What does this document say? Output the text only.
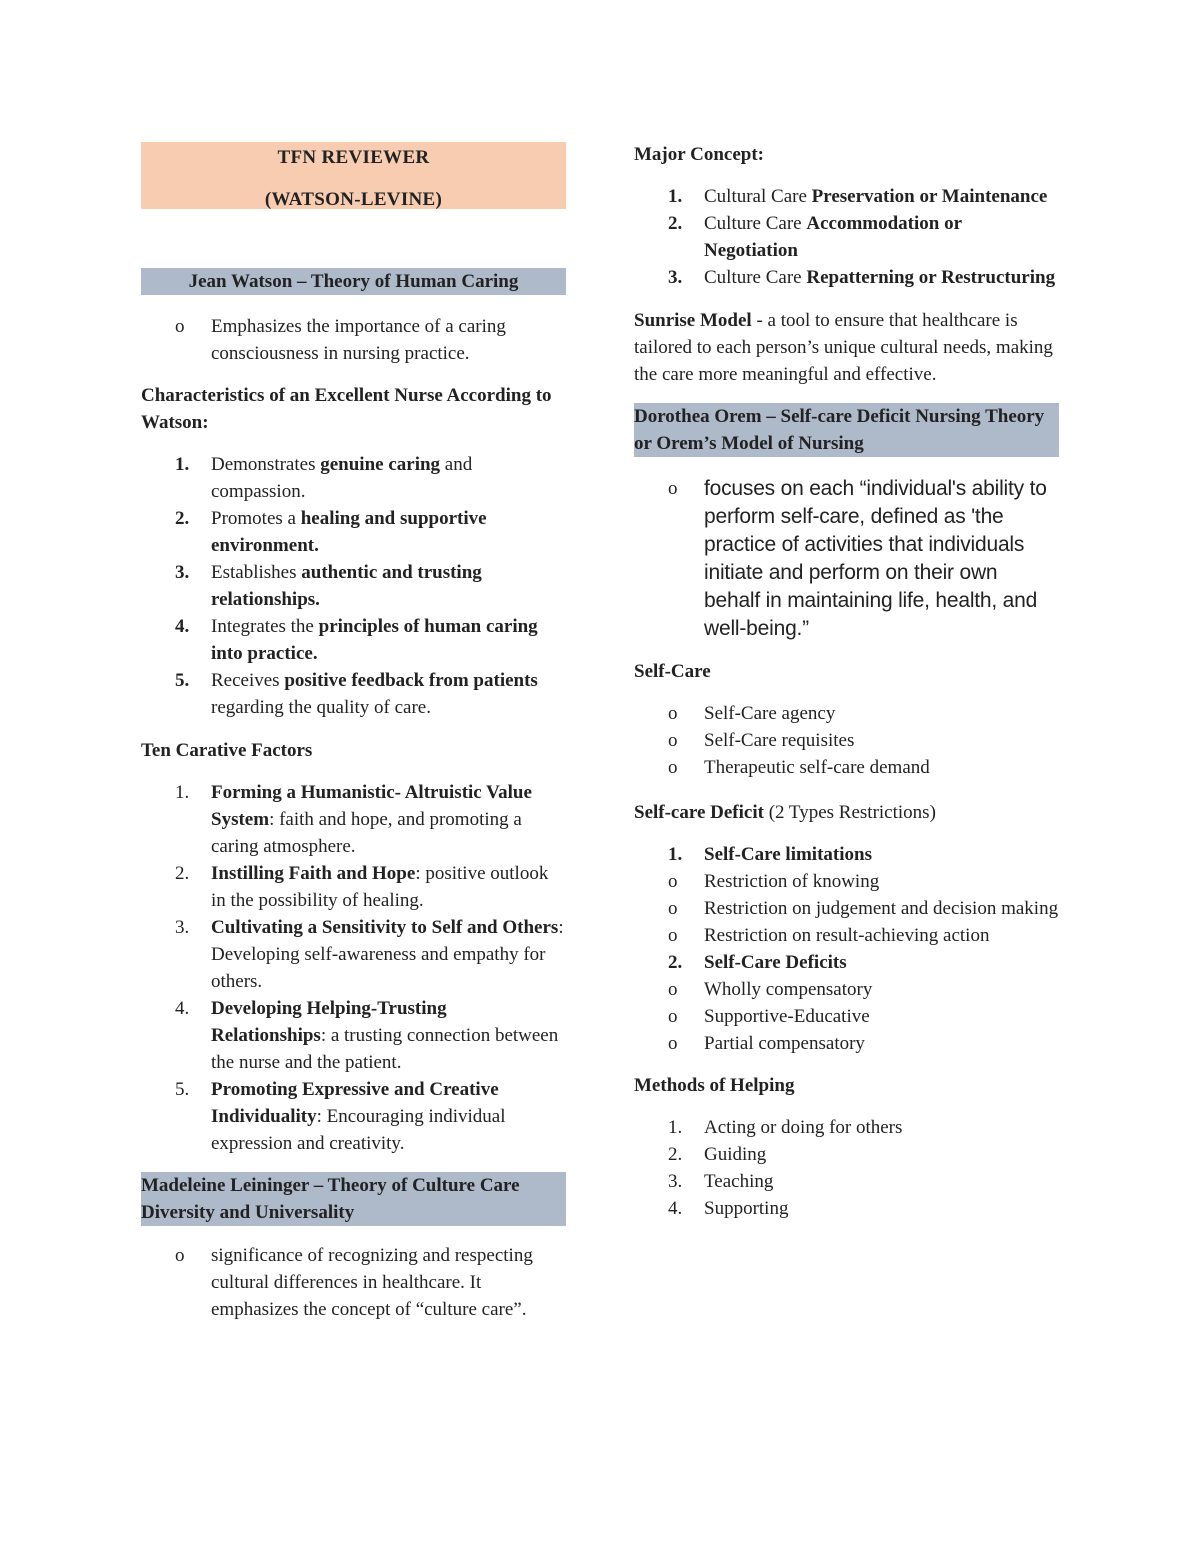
TFN REVIEWER
(WATSON-LEVINE)
Jean Watson – Theory of Human Caring
o	Emphasizes the importance of a caring consciousness in nursing practice.

Characteristics of an Excellent Nurse According to Watson:

1.	Demonstrates genuine caring and compassion.
2.	Promotes a healing and supportive environment.
3.	Establishes authentic and trusting relationships.
4.	Integrates the principles of human caring into practice.
5.	Receives positive feedback from patients regarding the quality of care.

Ten Carative Factors

1.	Forming a Humanistic- Altruistic Value System: faith and hope, and promoting a caring atmosphere.
2.	Instilling Faith and Hope: positive outlook in the possibility of healing.
3.	Cultivating a Sensitivity to Self and Others: Developing self-awareness and empathy for others.
4.	Developing Helping-Trusting Relationships: a trusting connection between the nurse and the patient.
5.	Promoting Expressive and Creative Individuality: Encouraging individual expression and creativity.
Madeleine Leininger – Theory of Culture Care Diversity and Universality
o	significance of recognizing and respecting cultural differences in healthcare. It emphasizes the concept of “culture care”.

Major Concept:

1.	Cultural Care Preservation or Maintenance
2.	Culture Care Accommodation or Negotiation
3.	Culture Care Repatterning or Restructuring

Sunrise Model - a tool to ensure that healthcare is tailored to each person’s unique cultural needs, making the care more meaningful and effective.

Dorothea Orem – Self-care Deficit Nursing Theory or Orem’s Model of Nursing
o	focuses on each “individual's ability to perform self-care, defined as 'the practice of activities that individuals initiate and perform on their own behalf in maintaining life, health, and well-being.”

Self-Care

o	Self-Care agency
o	Self-Care requisites
o	Therapeutic self-care demand

Self-care Deficit (2 Types Restrictions)

1.	Self-Care limitations
o	Restriction of knowing
o	Restriction on judgement and decision making
o	Restriction on result-achieving action
2.	Self-Care Deficits
o	Wholly compensatory
o	Supportive-Educative
o	Partial compensatory

Methods of Helping

1.	Acting or doing for others
2.	Guiding
3.	Teaching
4.	Supporting
